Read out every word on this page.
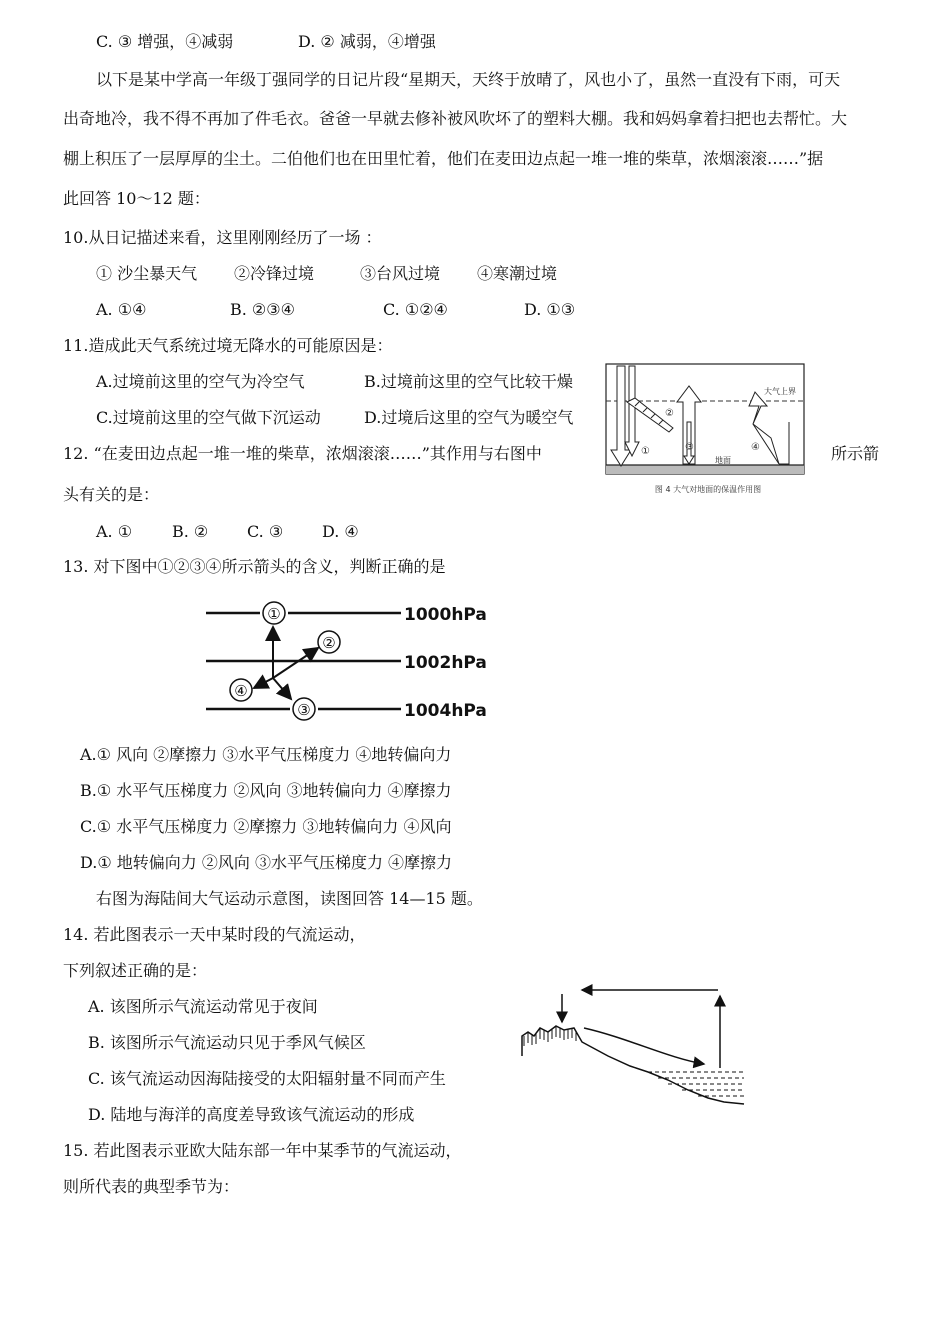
C. ③ 增强，④减弱	D. ② 减弱，④增强
以下是某中学高一年级丁强同学的日记片段“星期天，天终于放晴了，风也小了，虽然一直没有下雨，可天
出奇地冷，我不得不再加了件毛衣。爸爸一早就去修补被风吹坏了的塑料大棚。我和妈妈拿着扫把也去帮忙。大
棚上积压了一层厚厚的尘土。二伯他们也在田里忙着，他们在麦田边点起一堆一堆的柴草，浓烟滚滚……”据
此回答 10～12 题：
10.从日记描述来看，这里刚刚经历了一场 ：
① 沙尘暴天气 ②冷锋过境	③台风过境 ④寒潮过境
A. ①④	B. ②③④	C. ①②④	D. ①③
11.造成此天气系统过境无降水的可能原因是：
A.过境前这里的空气为冷空气	B.过境前这里的空气比较干燥
C.过境前这里的空气做下沉运动	D.过境后这里的空气为暖空气
12. “在麦田边点起一堆一堆的柴草，浓烟滚滚……”其作用与右图中	所示箭
头有关的是：
A. ① B. ② C. ③ D. ④
大气上界
地面
①
②
③	④
图 4 大气对地面的保温作用图
13. 对下图中①②③④所示箭头的含义，判断正确的是
1000hPa
1002hPa
1004hPa
①
②
③
④
A.① 风向 ②摩擦力 ③水平气压梯度力 ④地转偏向力
B.① 水平气压梯度力 ②风向 ③地转偏向力 ④摩擦力
C.① 水平气压梯度力 ②摩擦力 ③地转偏向力 ④风向
D.① 地转偏向力 ②风向 ③水平气压梯度力 ④摩擦力
右图为海陆间大气运动示意图，读图回答 14—15 题。
14. 若此图表示一天中某时段的气流运动，
下列叙述正确的是：
A. 该图所示气流运动常见于夜间
B. 该图所示气流运动只见于季风气候区
C. 该气流运动因海陆接受的太阳辐射量不同而产生
D. 陆地与海洋的高度差导致该气流运动的形成
15. 若此图表示亚欧大陆东部一年中某季节的气流运动，
则所代表的典型季节为：
